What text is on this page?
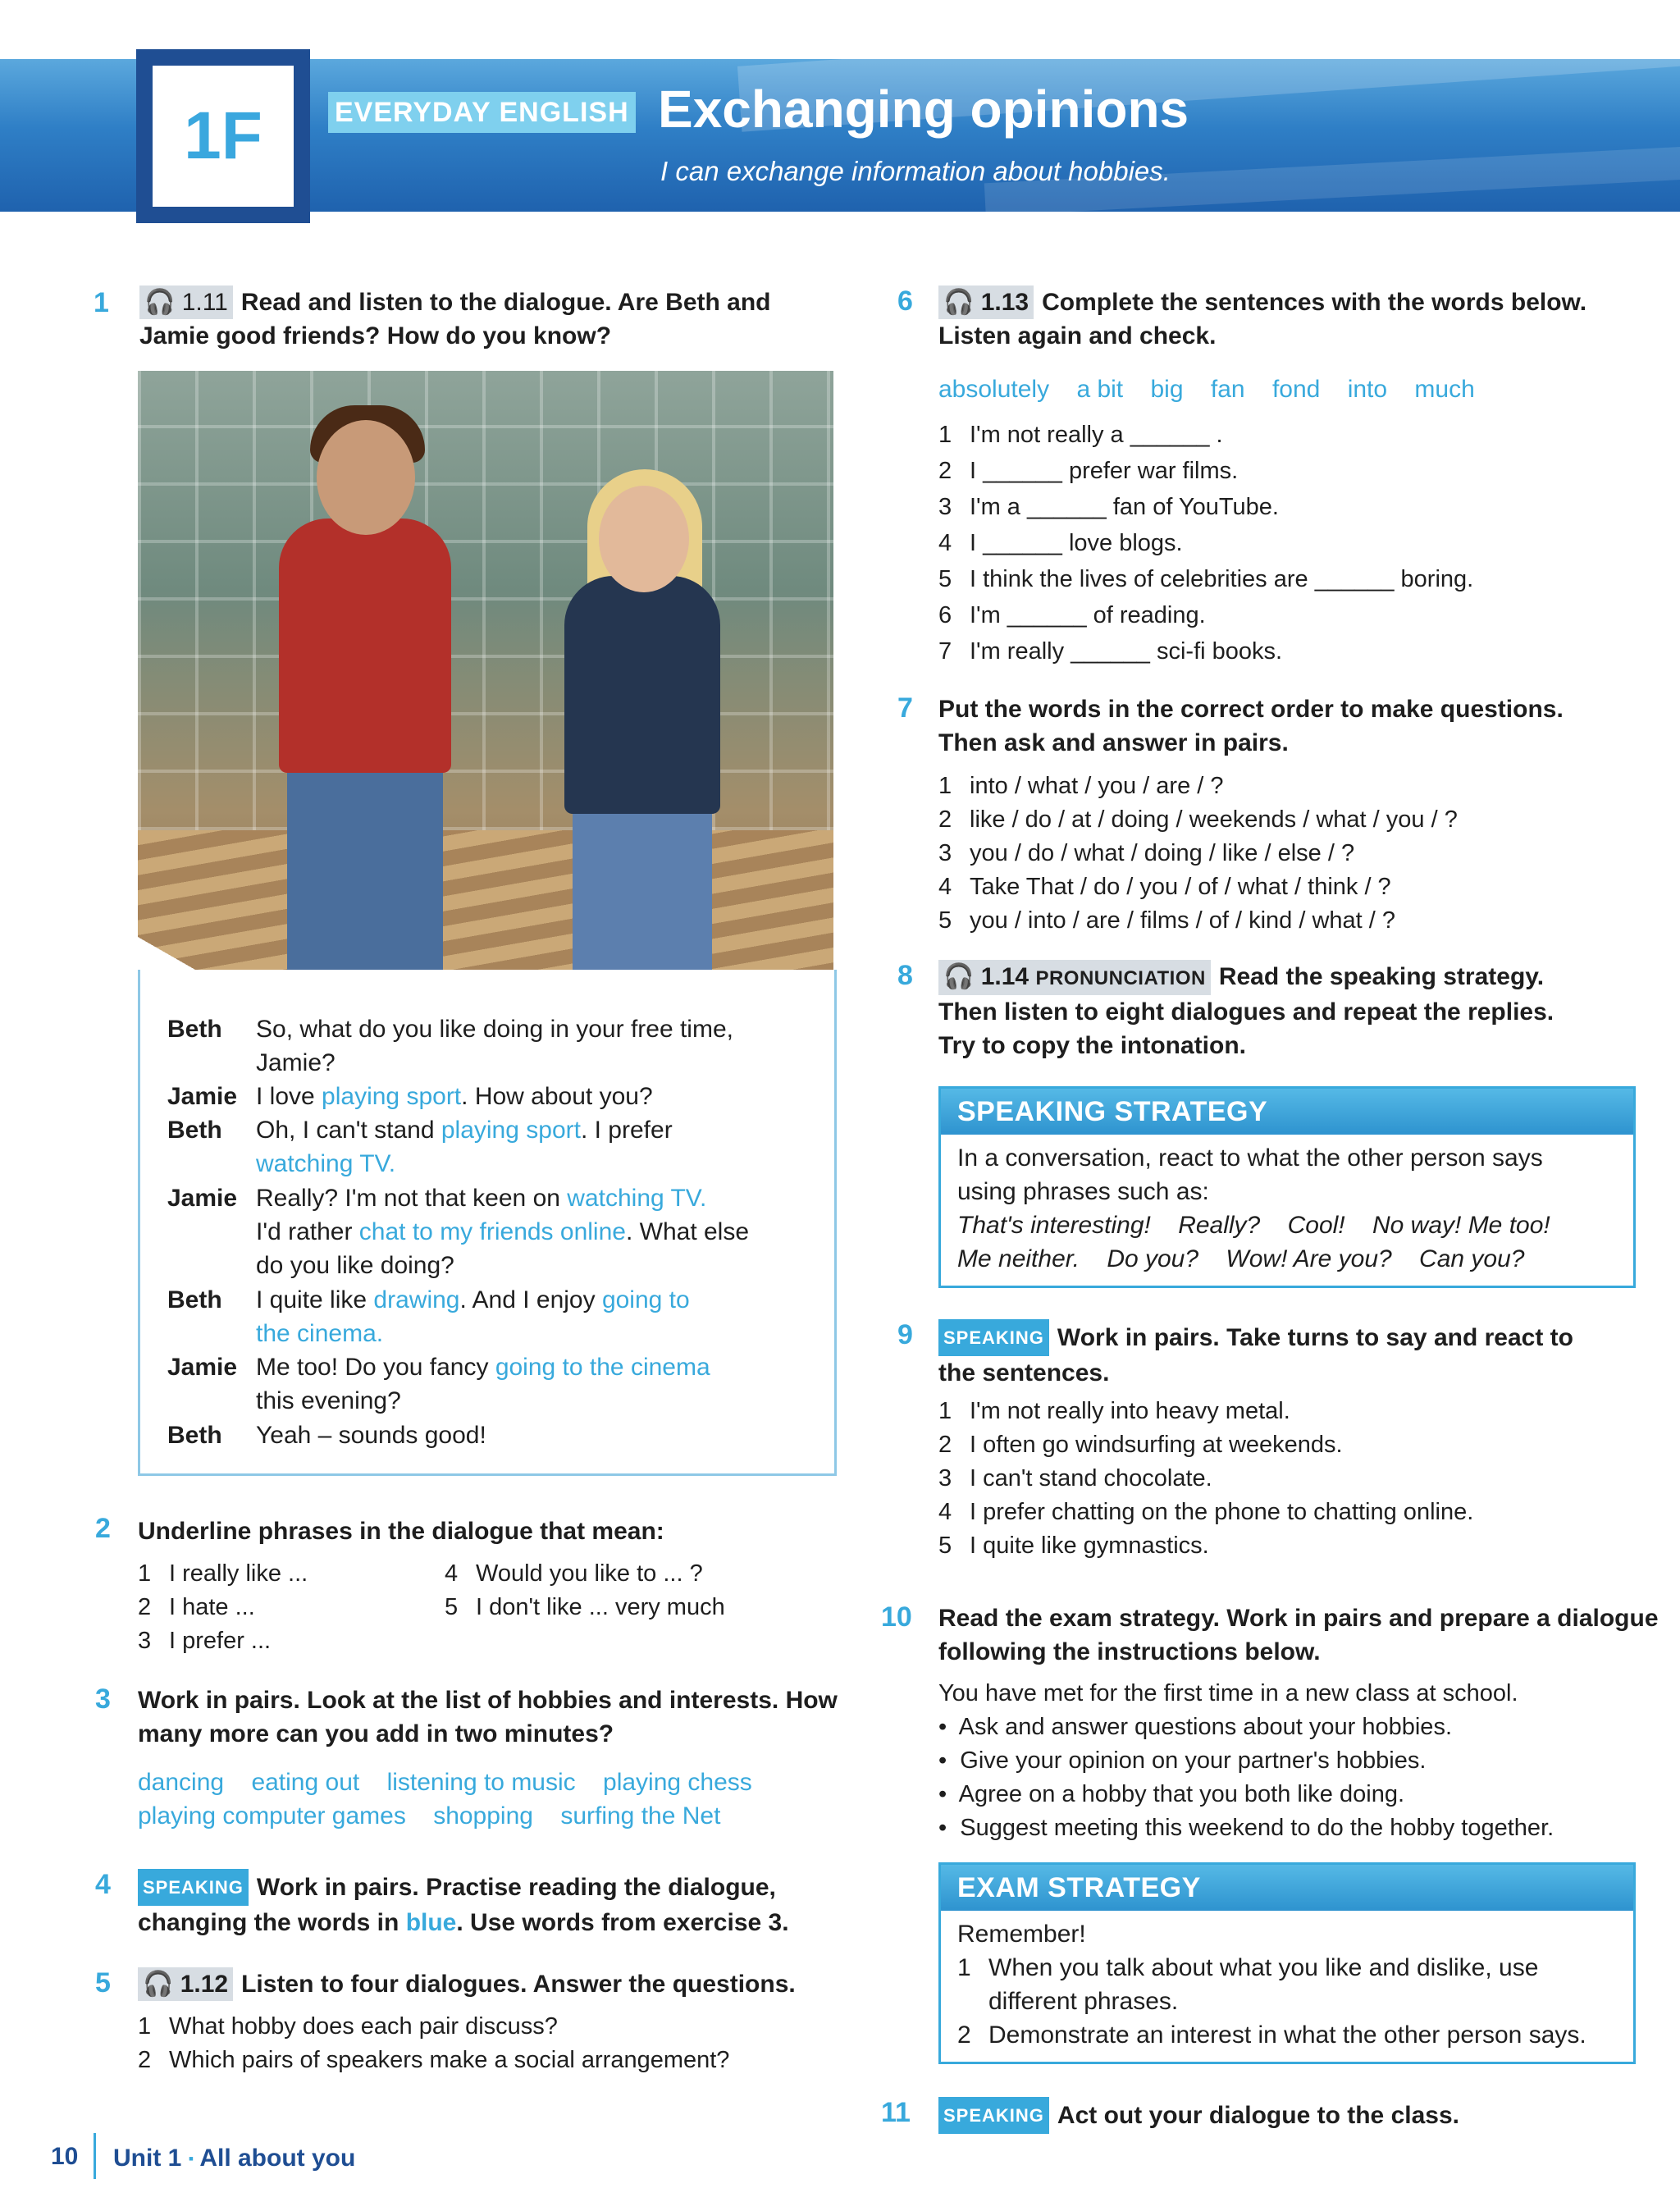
1F	EVERYDAY ENGLISH Exchanging opinions
I can exchange information about hobbies.
1 🎧 1.11 Read and listen to the dialogue. Are Beth and
Jamie good friends? How do you know?
Beth So, what do you like doing in your free time,
Jamie?
Jamie I love playing sport. How about you?
Beth Oh, I can't stand playing sport. I prefer
watching TV.
Jamie Really? I'm not that keen on watching TV.
I'd rather chat to my friends online. What else
do you like doing?
Beth I quite like drawing. And I enjoy going to
the cinema.
Jamie Me too! Do you fancy going to the cinema
this evening?
Beth Yeah – sounds good!
2 Underline phrases in the dialogue that mean:
1 I really like ...
2 I hate ...
3 I prefer ...
4 Would you like to ... ?
5 I don't like ... very much
3 Work in pairs. Look at the list of hobbies and interests. How
many more can you add in two minutes?
dancing eating out listening to music playing chess
playing computer games shopping surfing the Net
4 SPEAKING Work in pairs. Practise reading the dialogue,
changing the words in blue. Use words from exercise 3.
5 🎧 1.12 Listen to four dialogues. Answer the questions.
1 What hobby does each pair discuss?
2 Which pairs of speakers make a social arrangement?
6 🎧 1.13 Complete the sentences with the words below.
Listen again and check.
absolutely a bit big fan fond into much
1 I'm not really a ______ .
2 I ______ prefer war films.
3 I'm a ______ fan of YouTube.
4 I ______ love blogs.
5 I think the lives of celebrities are ______ boring.
6 I'm ______ of reading.
7 I'm really ______ sci-fi books.
7 Put the words in the correct order to make questions.
Then ask and answer in pairs.
1 into / what / you / are / ?
2 like / do / at / doing / weekends / what / you / ?
3 you / do / what / doing / like / else / ?
4 Take That / do / you / of / what / think / ?
5 you / into / are / films / of / kind / what / ?
8 🎧 1.14 PRONUNCIATION Read the speaking strategy.
Then listen to eight dialogues and repeat the replies.
Try to copy the intonation.
SPEAKING STRATEGY
In a conversation, react to what the other person says
using phrases such as:
That's interesting! Really? Cool! No way! Me too!
Me neither. Do you? Wow! Are you? Can you?
9 SPEAKING Work in pairs. Take turns to say and react to
the sentences.
1 I'm not really into heavy metal.
2 I often go windsurfing at weekends.
3 I can't stand chocolate.
4 I prefer chatting on the phone to chatting online.
5 I quite like gymnastics.
10 Read the exam strategy. Work in pairs and prepare a dialogue
following the instructions below.
You have met for the first time in a new class at school.
•  Ask and answer questions about your hobbies.
•  Give your opinion on your partner's hobbies.
•  Agree on a hobby that you both like doing.
•  Suggest meeting this weekend to do the hobby together.
EXAM STRATEGY
Remember!
1 When you talk about what you like and dislike, use
different phrases.
2 Demonstrate an interest in what the other person says.
11 SPEAKING Act out your dialogue to the class.
10 Unit 1 ▪ All about you
